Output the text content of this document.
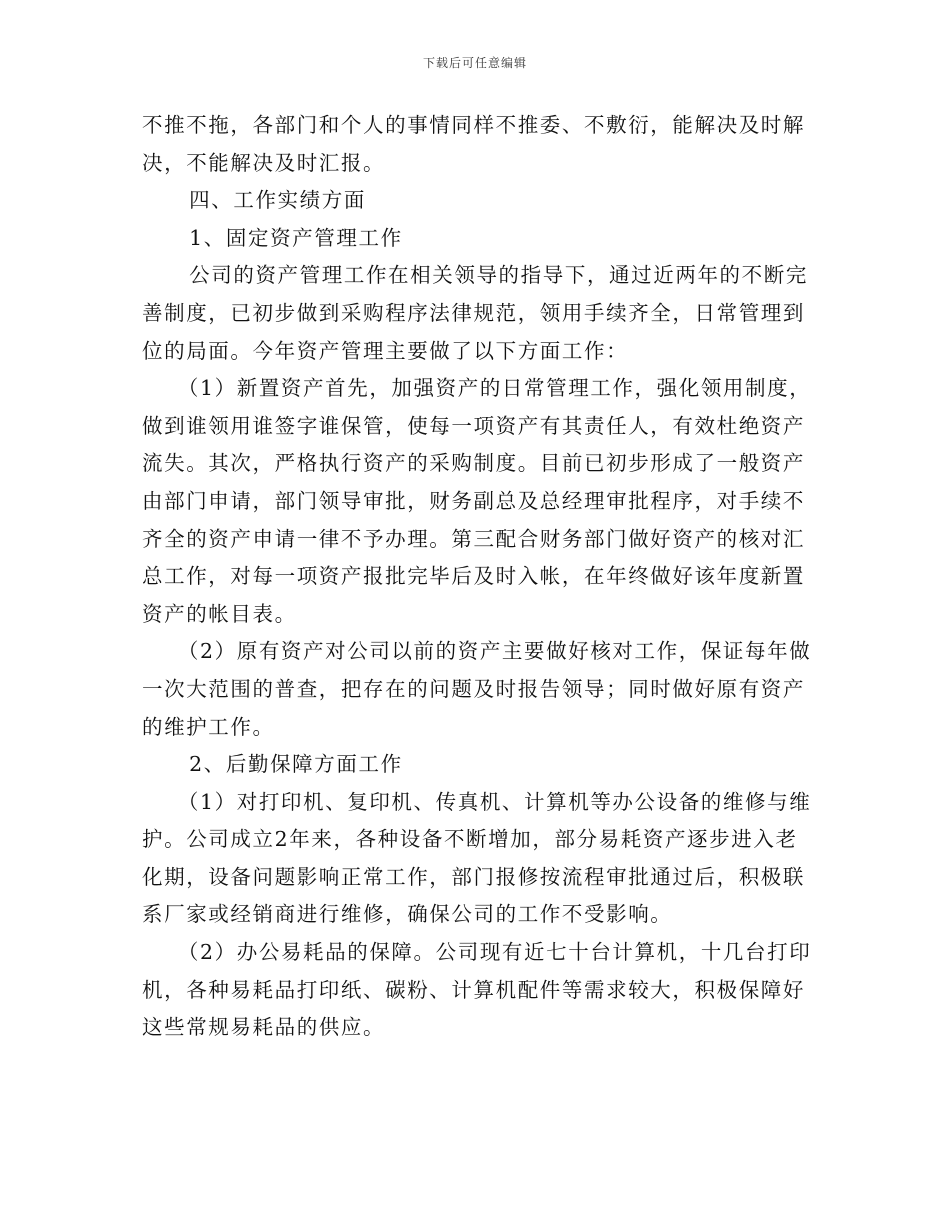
下载后可任意编辑

不推不拖，各部门和个人的事情同样不推委、不敷衍，能解决及时解决，不能解决及时汇报。

四、工作实绩方面

1、固定资产管理工作

公司的资产管理工作在相关领导的指导下，通过近两年的不断完善制度，已初步做到采购程序法律规范，领用手续齐全，日常管理到位的局面。今年资产管理主要做了以下方面工作：

（1）新置资产首先，加强资产的日常管理工作，强化领用制度，做到谁领用谁签字谁保管，使每一项资产有其责任人，有效杜绝资产流失。其次，严格执行资产的采购制度。目前已初步形成了一般资产由部门申请，部门领导审批，财务副总及总经理审批程序，对手续不齐全的资产申请一律不予办理。第三配合财务部门做好资产的核对汇总工作，对每一项资产报批完毕后及时入帐，在年终做好该年度新置资产的帐目表。

（2）原有资产对公司以前的资产主要做好核对工作，保证每年做一次大范围的普查，把存在的问题及时报告领导；同时做好原有资产的维护工作。

2、后勤保障方面工作

（1）对打印机、复印机、传真机、计算机等办公设备的维修与维护。公司成立2年来，各种设备不断增加，部分易耗资产逐步进入老化期，设备问题影响正常工作，部门报修按流程审批通过后，积极联系厂家或经销商进行维修，确保公司的工作不受影响。

（2）办公易耗品的保障。公司现有近七十台计算机，十几台打印机，各种易耗品打印纸、碳粉、计算机配件等需求较大，积极保障好这些常规易耗品的供应。
